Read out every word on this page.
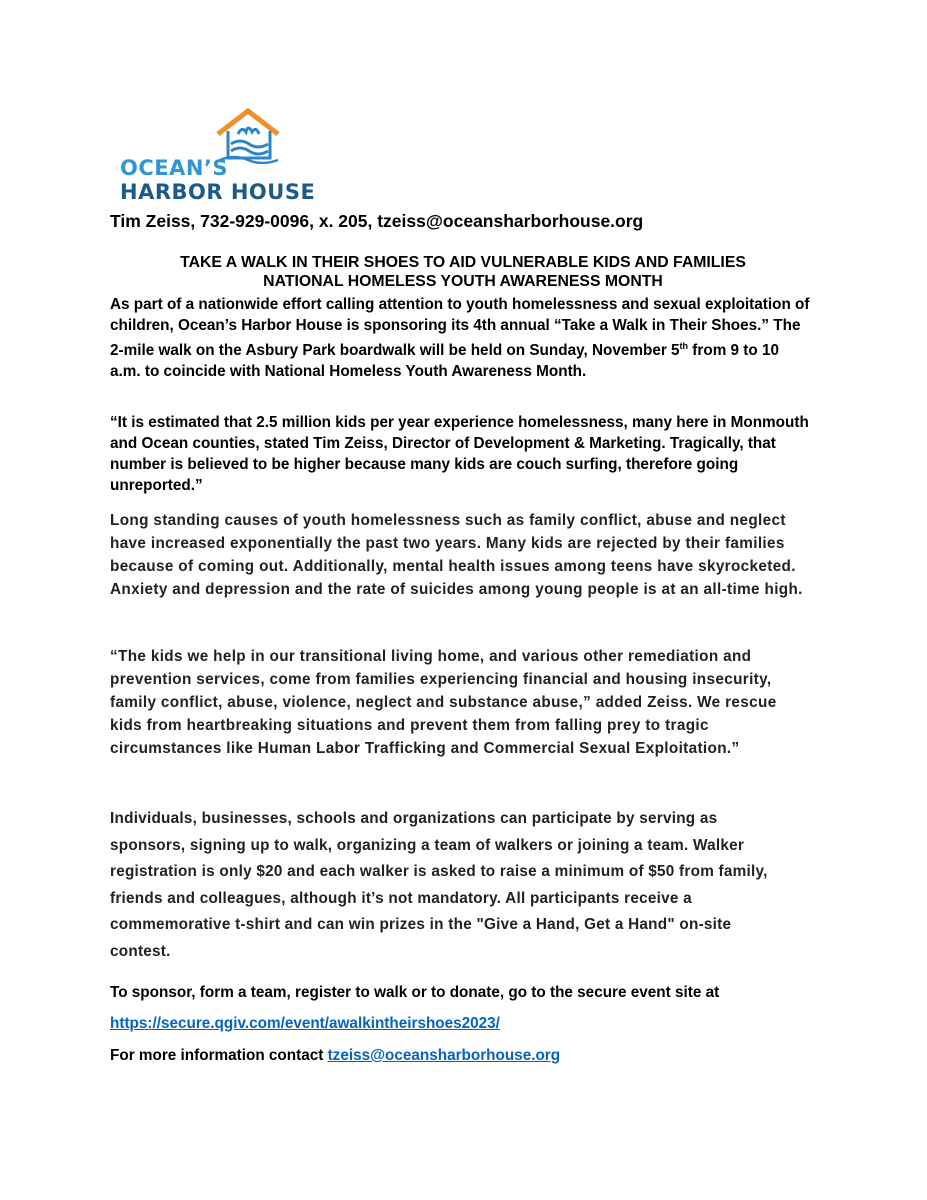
OCEAN’S
HARBOR HOUSE
Tim Zeiss, 732-929-0096, x. 205, tzeiss@oceansharborhouse.org
TAKE A WALK IN THEIR SHOES TO AID VULNERABLE KIDS AND FAMILIES
NATIONAL HOMELESS YOUTH AWARENESS MONTH

As part of a nationwide effort calling attention to youth homelessness and sexual exploitation of children, Ocean’s Harbor House is sponsoring its 4th annual “Take a Walk in Their Shoes.” The 2-mile walk on the Asbury Park boardwalk will be held on Sunday, November 5th from 9 to 10 a.m. to coincide with National Homeless Youth Awareness Month.

“It is estimated that 2.5 million kids per year experience homelessness, many here in Monmouth and Ocean counties, stated Tim Zeiss, Director of Development & Marketing. Tragically, that number is believed to be higher because many kids are couch surfing, therefore going unreported.”

Long standing causes of youth homelessness such as family conflict, abuse and neglect have increased exponentially the past two years. Many kids are rejected by their families because of coming out. Additionally, mental health issues among teens have skyrocketed. Anxiety and depression and the rate of suicides among young people is at an all-time high.

“The kids we help in our transitional living home, and various other remediation and prevention services, come from families experiencing financial and housing insecurity, family conflict, abuse, violence, neglect and substance abuse,” added Zeiss. We rescue kids from heartbreaking situations and prevent them from falling prey to tragic circumstances like Human Labor Trafficking and Commercial Sexual Exploitation.”

Individuals, businesses, schools and organizations can participate by serving as sponsors, signing up to walk, organizing a team of walkers or joining a team. Walker registration is only $20 and each walker is asked to raise a minimum of $50 from family, friends and colleagues, although it’s not mandatory. All participants receive a commemorative t-shirt and can win prizes in the "Give a Hand, Get a Hand" on-site contest.

To sponsor, form a team, register to walk or to donate, go to the secure event site at

https://secure.qgiv.com/event/awalkintheirshoes2023/
For more information contact tzeiss@oceansharborhouse.org
